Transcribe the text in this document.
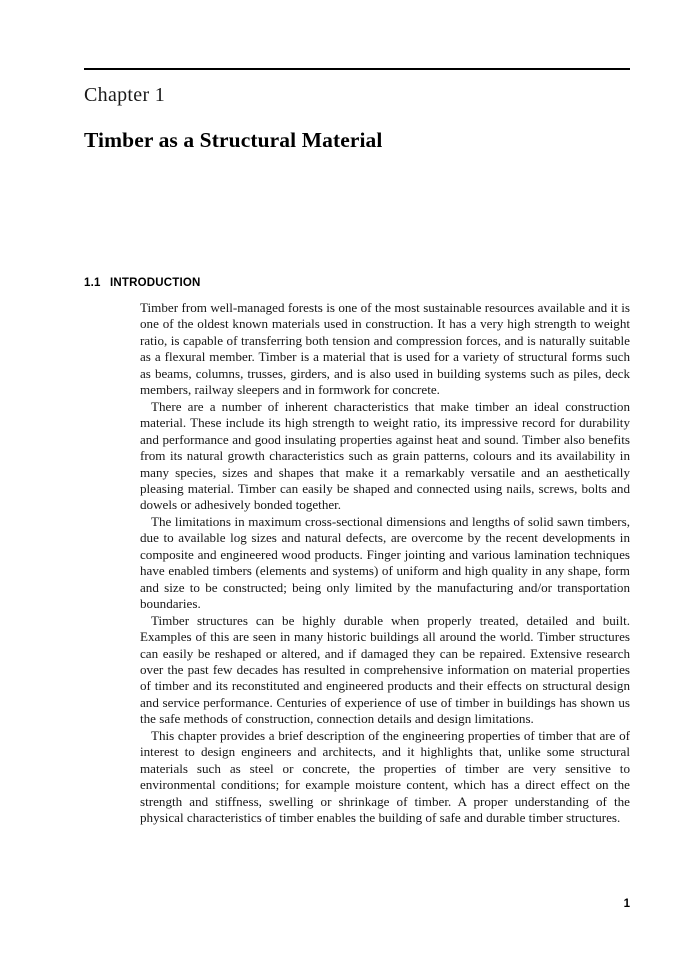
Chapter 1
Timber as a Structural Material
1.1 INTRODUCTION

Timber from well-managed forests is one of the most sustainable resources available and it is one of the oldest known materials used in construction. It has a very high strength to weight ratio, is capable of transferring both tension and compression forces, and is naturally suitable as a flexural member. Timber is a material that is used for a variety of structural forms such as beams, columns, trusses, girders, and is also used in building systems such as piles, deck members, railway sleepers and in formwork for concrete.

There are a number of inherent characteristics that make timber an ideal construction material. These include its high strength to weight ratio, its impressive record for durability and performance and good insulating properties against heat and sound. Timber also benefits from its natural growth characteristics such as grain patterns, colours and its availability in many species, sizes and shapes that make it a remarkably versatile and an aesthetically pleasing material. Timber can easily be shaped and connected using nails, screws, bolts and dowels or adhesively bonded together.

The limitations in maximum cross-sectional dimensions and lengths of solid sawn timbers, due to available log sizes and natural defects, are overcome by the recent developments in composite and engineered wood products. Finger jointing and various lamination techniques have enabled timbers (elements and systems) of uniform and high quality in any shape, form and size to be constructed; being only limited by the manufacturing and/or transportation boundaries.

Timber structures can be highly durable when properly treated, detailed and built. Examples of this are seen in many historic buildings all around the world. Timber structures can easily be reshaped or altered, and if damaged they can be repaired. Extensive research over the past few decades has resulted in comprehensive information on material properties of timber and its reconstituted and engineered products and their effects on structural design and service performance. Centuries of experience of use of timber in buildings has shown us the safe methods of construction, connection details and design limitations.

This chapter provides a brief description of the engineering properties of timber that are of interest to design engineers and architects, and it highlights that, unlike some structural materials such as steel or concrete, the properties of timber are very sensitive to environmental conditions; for example moisture content, which has a direct effect on the strength and stiffness, swelling or shrinkage of timber. A proper understanding of the physical characteristics of timber enables the building of safe and durable timber structures.

1
